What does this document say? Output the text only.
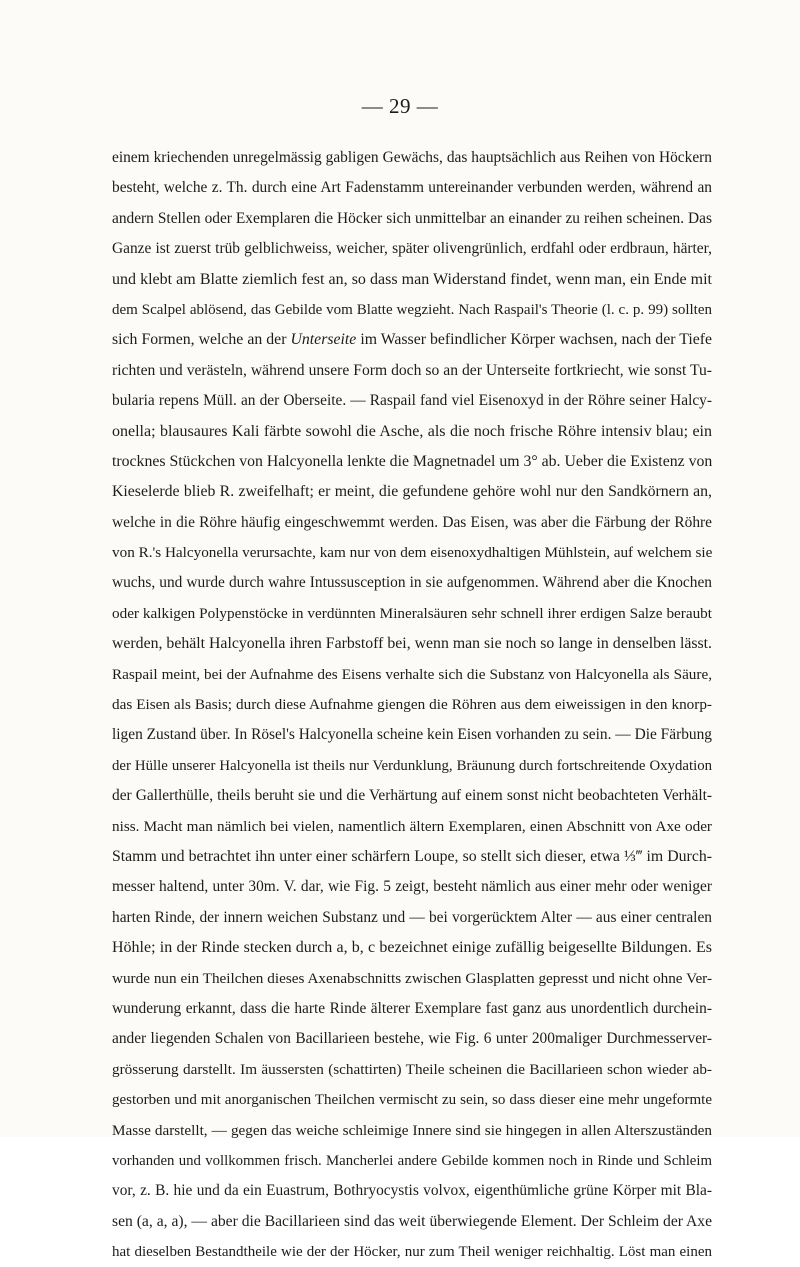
— 29 —
einem kriechenden unregelmässig gabligen Gewächs, das hauptsächlich aus Reihen von Höckern
besteht, welche z. Th. durch eine Art Fadenstamm untereinander verbunden werden, während an
andern Stellen oder Exemplaren die Höcker sich unmittelbar an einander zu reihen scheinen. Das
Ganze ist zuerst trüb gelblichweiss, weicher, später olivengrünlich, erdfahl oder erdbraun, härter,
und klebt am Blatte ziemlich fest an, so dass man Widerstand findet, wenn man, ein Ende mit
dem Scalpel ablösend, das Gebilde vom Blatte wegzieht. Nach Raspail's Theorie (l. c. p. 99) sollten
sich Formen, welche an der Unterseite im Wasser befindlicher Körper wachsen, nach der Tiefe
richten und verästeln, während unsere Form doch so an der Unterseite fortkriecht, wie sonst Tu-
bularia repens Müll. an der Oberseite. — Raspail fand viel Eisenoxyd in der Röhre seiner Halcy-
onella; blausaures Kali färbte sowohl die Asche, als die noch frische Röhre intensiv blau; ein
trocknes Stückchen von Halcyonella lenkte die Magnetnadel um 3° ab. Ueber die Existenz von
Kieselerde blieb R. zweifelhaft; er meint, die gefundene gehöre wohl nur den Sandkörnern an,
welche in die Röhre häufig eingeschwemmt werden. Das Eisen, was aber die Färbung der Röhre
von R.'s Halcyonella verursachte, kam nur von dem eisenoxydhaltigen Mühlstein, auf welchem sie
wuchs, und wurde durch wahre Intussusception in sie aufgenommen. Während aber die Knochen
oder kalkigen Polypenstöcke in verdünnten Mineralsäuren sehr schnell ihrer erdigen Salze beraubt
werden, behält Halcyonella ihren Farbstoff bei, wenn man sie noch so lange in denselben lässt.
Raspail meint, bei der Aufnahme des Eisens verhalte sich die Substanz von Halcyonella als Säure,
das Eisen als Basis; durch diese Aufnahme giengen die Röhren aus dem eiweissigen in den knorp-
ligen Zustand über. In Rösel's Halcyonella scheine kein Eisen vorhanden zu sein. — Die Färbung
der Hülle unserer Halcyonella ist theils nur Verdunklung, Bräunung durch fortschreitende Oxydation
der Gallerthülle, theils beruht sie und die Verhärtung auf einem sonst nicht beobachteten Verhält-
niss. Macht man nämlich bei vielen, namentlich ältern Exemplaren, einen Abschnitt von Axe oder
Stamm und betrachtet ihn unter einer schärfern Loupe, so stellt sich dieser, etwa ⅓‴ im Durch-
messer haltend, unter 30m. V. dar, wie Fig. 5 zeigt, besteht nämlich aus einer mehr oder weniger
harten Rinde, der innern weichen Substanz und — bei vorgerücktem Alter — aus einer centralen
Höhle; in der Rinde stecken durch a, b, c bezeichnet einige zufällig beigesellte Bildungen. Es
wurde nun ein Theilchen dieses Axenabschnitts zwischen Glasplatten gepresst und nicht ohne Ver-
wunderung erkannt, dass die harte Rinde älterer Exemplare fast ganz aus unordentlich durchein-
ander liegenden Schalen von Bacillarieen bestehe, wie Fig. 6 unter 200maliger Durchmesserver-
grösserung darstellt. Im äussersten (schattirten) Theile scheinen die Bacillarieen schon wieder ab-
gestorben und mit anorganischen Theilchen vermischt zu sein, so dass dieser eine mehr ungeformte
Masse darstellt, — gegen das weiche schleimige Innere sind sie hingegen in allen Alterszuständen
vorhanden und vollkommen frisch. Mancherlei andere Gebilde kommen noch in Rinde und Schleim
vor, z. B. hie und da ein Euastrum, Bothryocystis volvox, eigenthümliche grüne Körper mit Bla-
sen (a, a, a), — aber die Bacillarieen sind das weit überwiegende Element. Der Schleim der Axe
hat dieselben Bestandtheile wie der der Höcker, nur zum Theil weniger reichhaltig. Löst man einen
